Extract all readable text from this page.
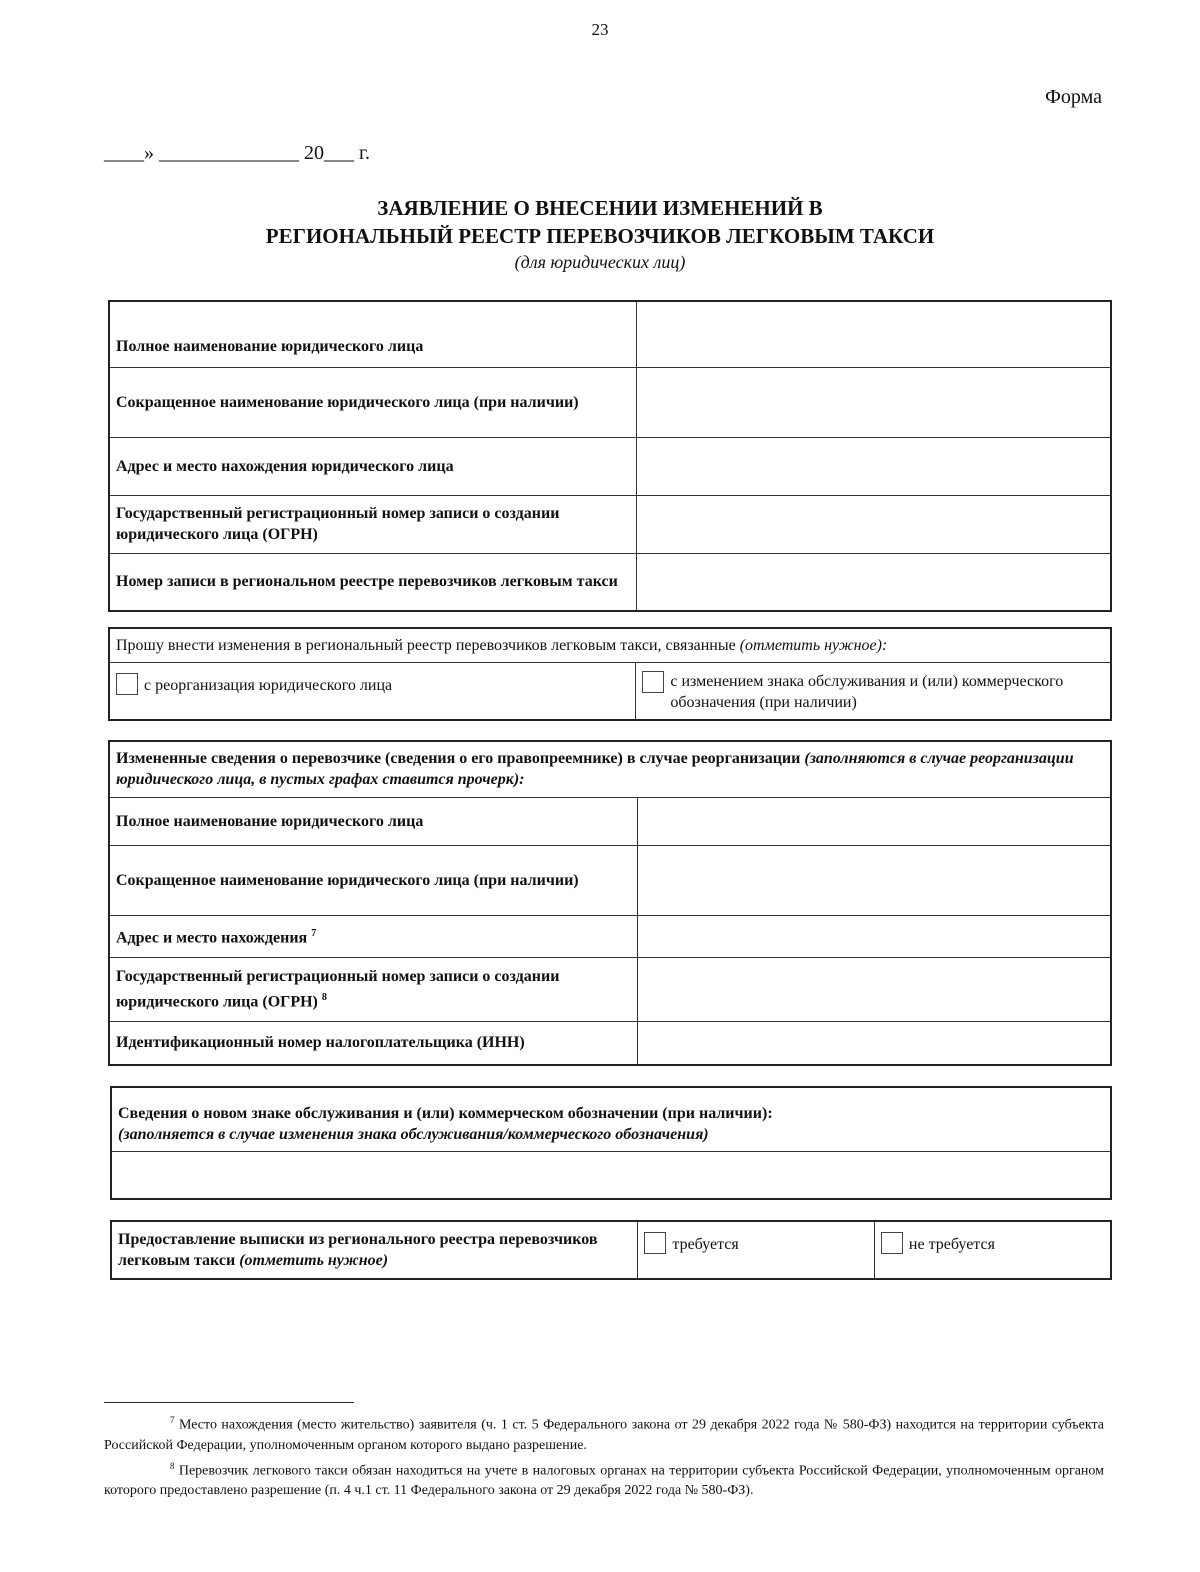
23
Форма
____» ______________ 20___ г.
ЗАЯВЛЕНИЕ О ВНЕСЕНИИ ИЗМЕНЕНИЙ В
РЕГИОНАЛЬНЫЙ РЕЕСТР ПЕРЕВОЗЧИКОВ ЛЕГКОВЫМ ТАКСИ
(для юридических лиц)
Полное наименование юридического лица	
Сокращенное наименование юридического лица (при наличии)	
Адрес и место нахождения юридического лица	
Государственный регистрационный номер записи о создании юридического лица (ОГРН)	
Номер записи в региональном реестре перевозчиков легковым такси	
Прошу внести изменения в региональный реестр перевозчиков легковым такси, связанные (отметить нужное):
с реорганизация юридического лица	с изменением знака обслуживания и (или) коммерческого обозначения (при наличии)
Измененные сведения о перевозчике (сведения о его правопреемнике) в случае реорганизации (заполняются в случае реорганизации юридического лица, в пустых графах ставится прочерк):	
Полное наименование юридического лица	
Сокращенное наименование юридического лица (при наличии)	
Адрес и место нахождения $^7$	
Государственный регистрационный номер записи о создании юридического лица (ОГРН) $^8$	
Идентификационный номер налогоплательщика (ИНН)	
Сведения о новом знаке обслуживания и (или) коммерческом обозначении (при наличии):
(заполняется в случае изменения знака обслуживания/коммерческого обозначения)

Предоставление выписки из регионального реестра перевозчиков легковым такси (отметить нужное)	требуется	не требуется

$^7$ Место нахождения (место жительство) заявителя (ч. 1 ст. 5 Федерального закона от 29 декабря 2022 года № 580-ФЗ) находится на территории субъекта Российской Федерации, уполномоченным органом которого выдано разрешение.

$^8$ Перевозчик легкового такси обязан находиться на учете в налоговых органах на территории субъекта Российской Федерации, уполномоченным органом которого предоставлено разрешение (п. 4 ч.1 ст. 11 Федерального закона от 29 декабря 2022 года № 580-ФЗ).
